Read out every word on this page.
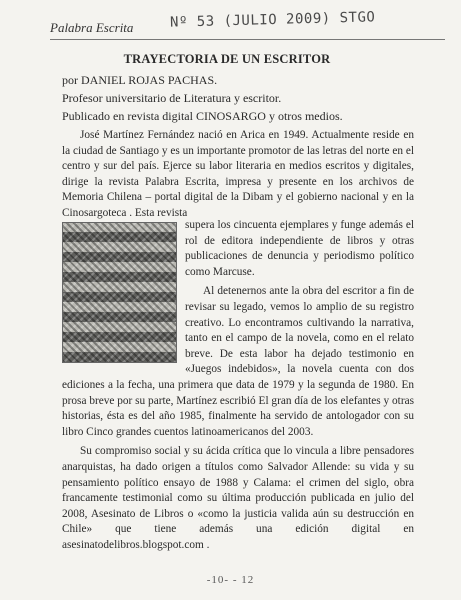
Palabra Escrita	Nº 53 (JULIO 2009) STGO
TRAYECTORIA DE UN ESCRITOR
por DANIEL ROJAS PACHAS.
Profesor universitario de Literatura y escritor.
Publicado en revista digital CINOSARGO y otros medios.

José Martínez Fernández nació en Arica en 1949. Actualmente reside en la ciudad de Santiago y es un importante promotor de las letras del norte en el centro y sur del país. Ejerce su labor literaria en medios escritos y digitales, dirige la revista Palabra Escrita, impresa y presente en los archivos de Memoria Chilena – portal digital de la Dibam y el gobierno nacional y en la Cinosargoteca . Esta revista

supera los cincuenta ejemplares y funge además el rol de editora independiente de libros y otras publicaciones de denuncia y periodismo político como Marcuse.

Al detenernos ante la obra del escritor a fin de revisar su legado, vemos lo amplio de su registro creativo. Lo encontramos cultivando la narrativa, tanto en el campo de la novela, como en el relato breve. De esta labor ha dejado testimonio en «Juegos indebidos», la novela cuenta con dos ediciones a la fecha, una primera que data de 1979 y la segunda de 1980. En prosa breve por su parte, Martínez escribió El gran día de los elefantes y otras historias, ésta es del año 1985, finalmente ha servido de antologador con su libro Cinco grandes cuentos latinoamericanos del 2003.

Su compromiso social y su ácida crítica que lo vincula a libre pensadores anarquistas, ha dado origen a títulos como Salvador Allende: su vida y su pensamiento político ensayo de 1988 y Calama: el crimen del siglo, obra francamente testimonial como su última producción publicada en julio del 2008, Asesinato de Libros o «como la justicia valida aún su destrucción en Chile» que tiene además una edición digital en asesinatodelibros.blogspot.com .

-10- - 12
